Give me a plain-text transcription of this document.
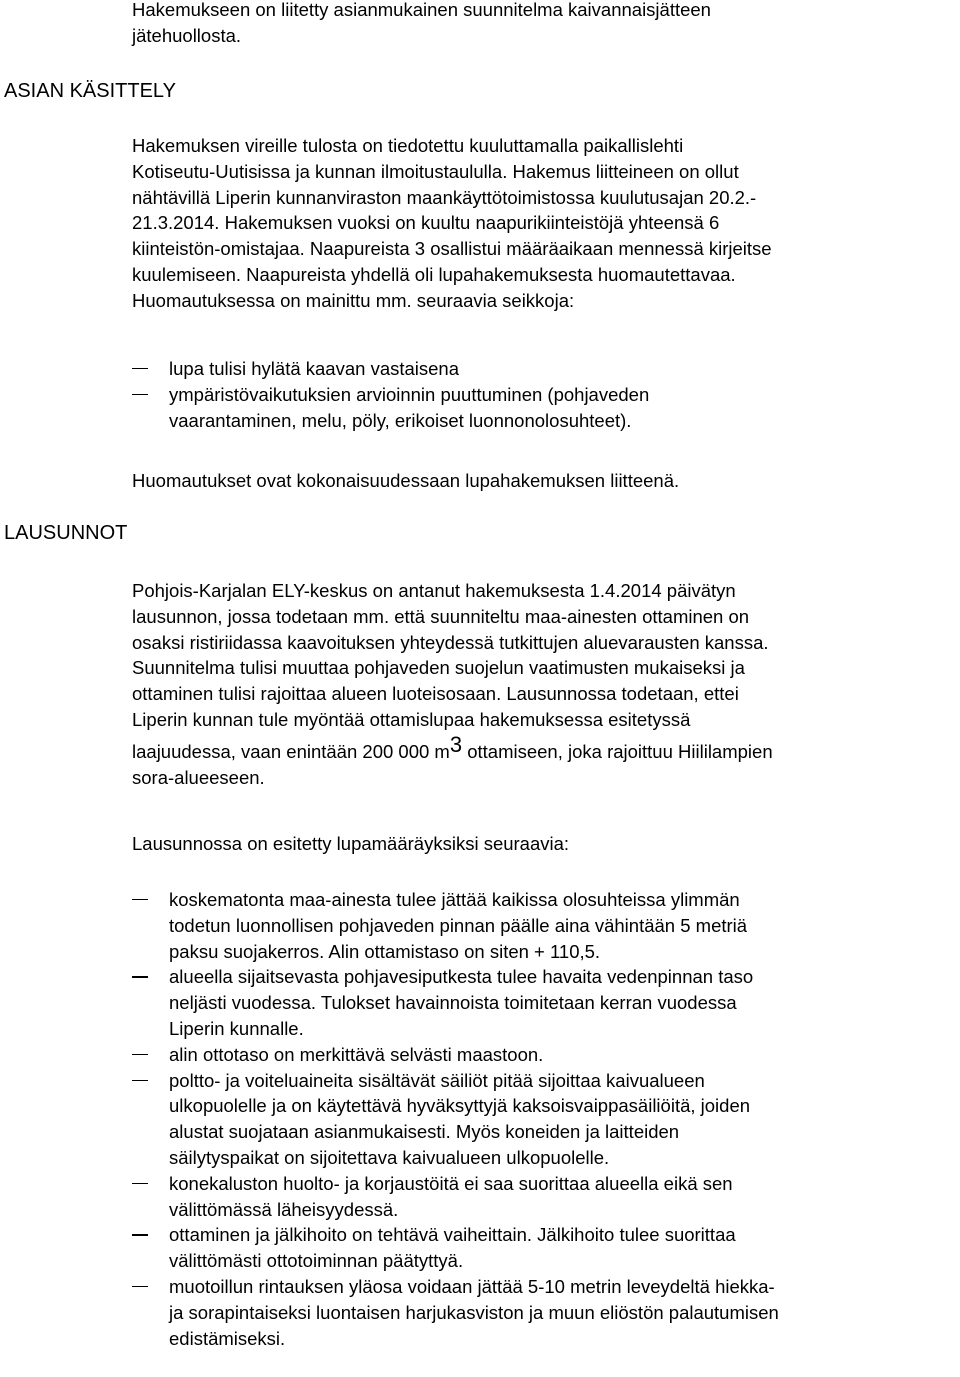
ASIAN KÄSITTELY
LAUSUNNOT
Hakemukseen on liitetty asianmukainen suunnitelma kaivannaisjätteen
jätehuollosta.
Hakemuksen vireille tulosta on tiedotettu kuuluttamalla paikallislehti
Kotiseutu-Uutisissa ja kunnan ilmoitustaululla. Hakemus liitteineen on ollut
nähtävillä Liperin kunnanviraston maankäyttötoimistossa kuulutusajan 20.2.-
21.3.2014. Hakemuksen vuoksi on kuultu naapurikiinteistöjä yhteensä 6
kiinteistön-omistajaa. Naapureista 3 osallistui määräaikaan mennessä kirjeitse
kuulemiseen. Naapureista yhdellä oli lupahakemuksesta huomautettavaa.
Huomautuksessa on mainittu mm. seuraavia seikkoja:
lupa tulisi hylätä kaavan vastaisena
ympäristövaikutuksien arvioinnin puuttuminen (pohjaveden
vaarantaminen, melu, pöly, erikoiset luonnonolosuhteet).
Huomautukset ovat kokonaisuudessaan lupahakemuksen liitteenä.
Pohjois-Karjalan ELY-keskus on antanut hakemuksesta 1.4.2014 päivätyn
lausunnon, jossa todetaan mm. että suunniteltu maa-ainesten ottaminen on
osaksi ristiriidassa kaavoituksen yhteydessä tutkittujen aluevarausten kanssa.
Suunnitelma tulisi muuttaa pohjaveden suojelun vaatimusten mukaiseksi ja
ottaminen tulisi rajoittaa alueen luoteisosaan. Lausunnossa todetaan, ettei
Liperin kunnan tule myöntää ottamislupaa hakemuksessa esitetyssä
laajuudessa, vaan enintään 200 000 $m^3$ ottamiseen, joka rajoittuu Hiililampien
sora-alueeseen.
Lausunnossa on esitetty lupamääräyksiksi seuraavia:
koskematonta maa-ainesta tulee jättää kaikissa olosuhteissa ylimmän
todetun luonnollisen pohjaveden pinnan päälle aina vähintään 5 metriä
paksu suojakerros. Alin ottamistaso on siten + 110,5.
alueella sijaitsevasta pohjavesiputkesta tulee havaita vedenpinnan taso
neljästi vuodessa. Tulokset havainnoista toimitetaan kerran vuodessa
Liperin kunnalle.
alin ottotaso on merkittävä selvästi maastoon.
poltto- ja voiteluaineita sisältävät säiliöt pitää sijoittaa kaivualueen
ulkopuolelle ja on käytettävä hyväksyttyjä kaksoisvaippasäiliöitä, joiden
alustat suojataan asianmukaisesti. Myös koneiden ja laitteiden
säilytyspaikat on sijoitettava kaivualueen ulkopuolelle.
konekaluston huolto- ja korjaustöitä ei saa suorittaa alueella eikä sen
välittömässä läheisyydessä.
ottaminen ja jälkihoito on tehtävä vaiheittain. Jälkihoito tulee suorittaa
välittömästi ottotoiminnan päätyttyä.
muotoillun rintauksen yläosa voidaan jättää 5-10 metrin leveydeltä hiekka-
ja sorapintaiseksi luontaisen harjukasviston ja muun eliöstön palautumisen
edistämiseksi.
